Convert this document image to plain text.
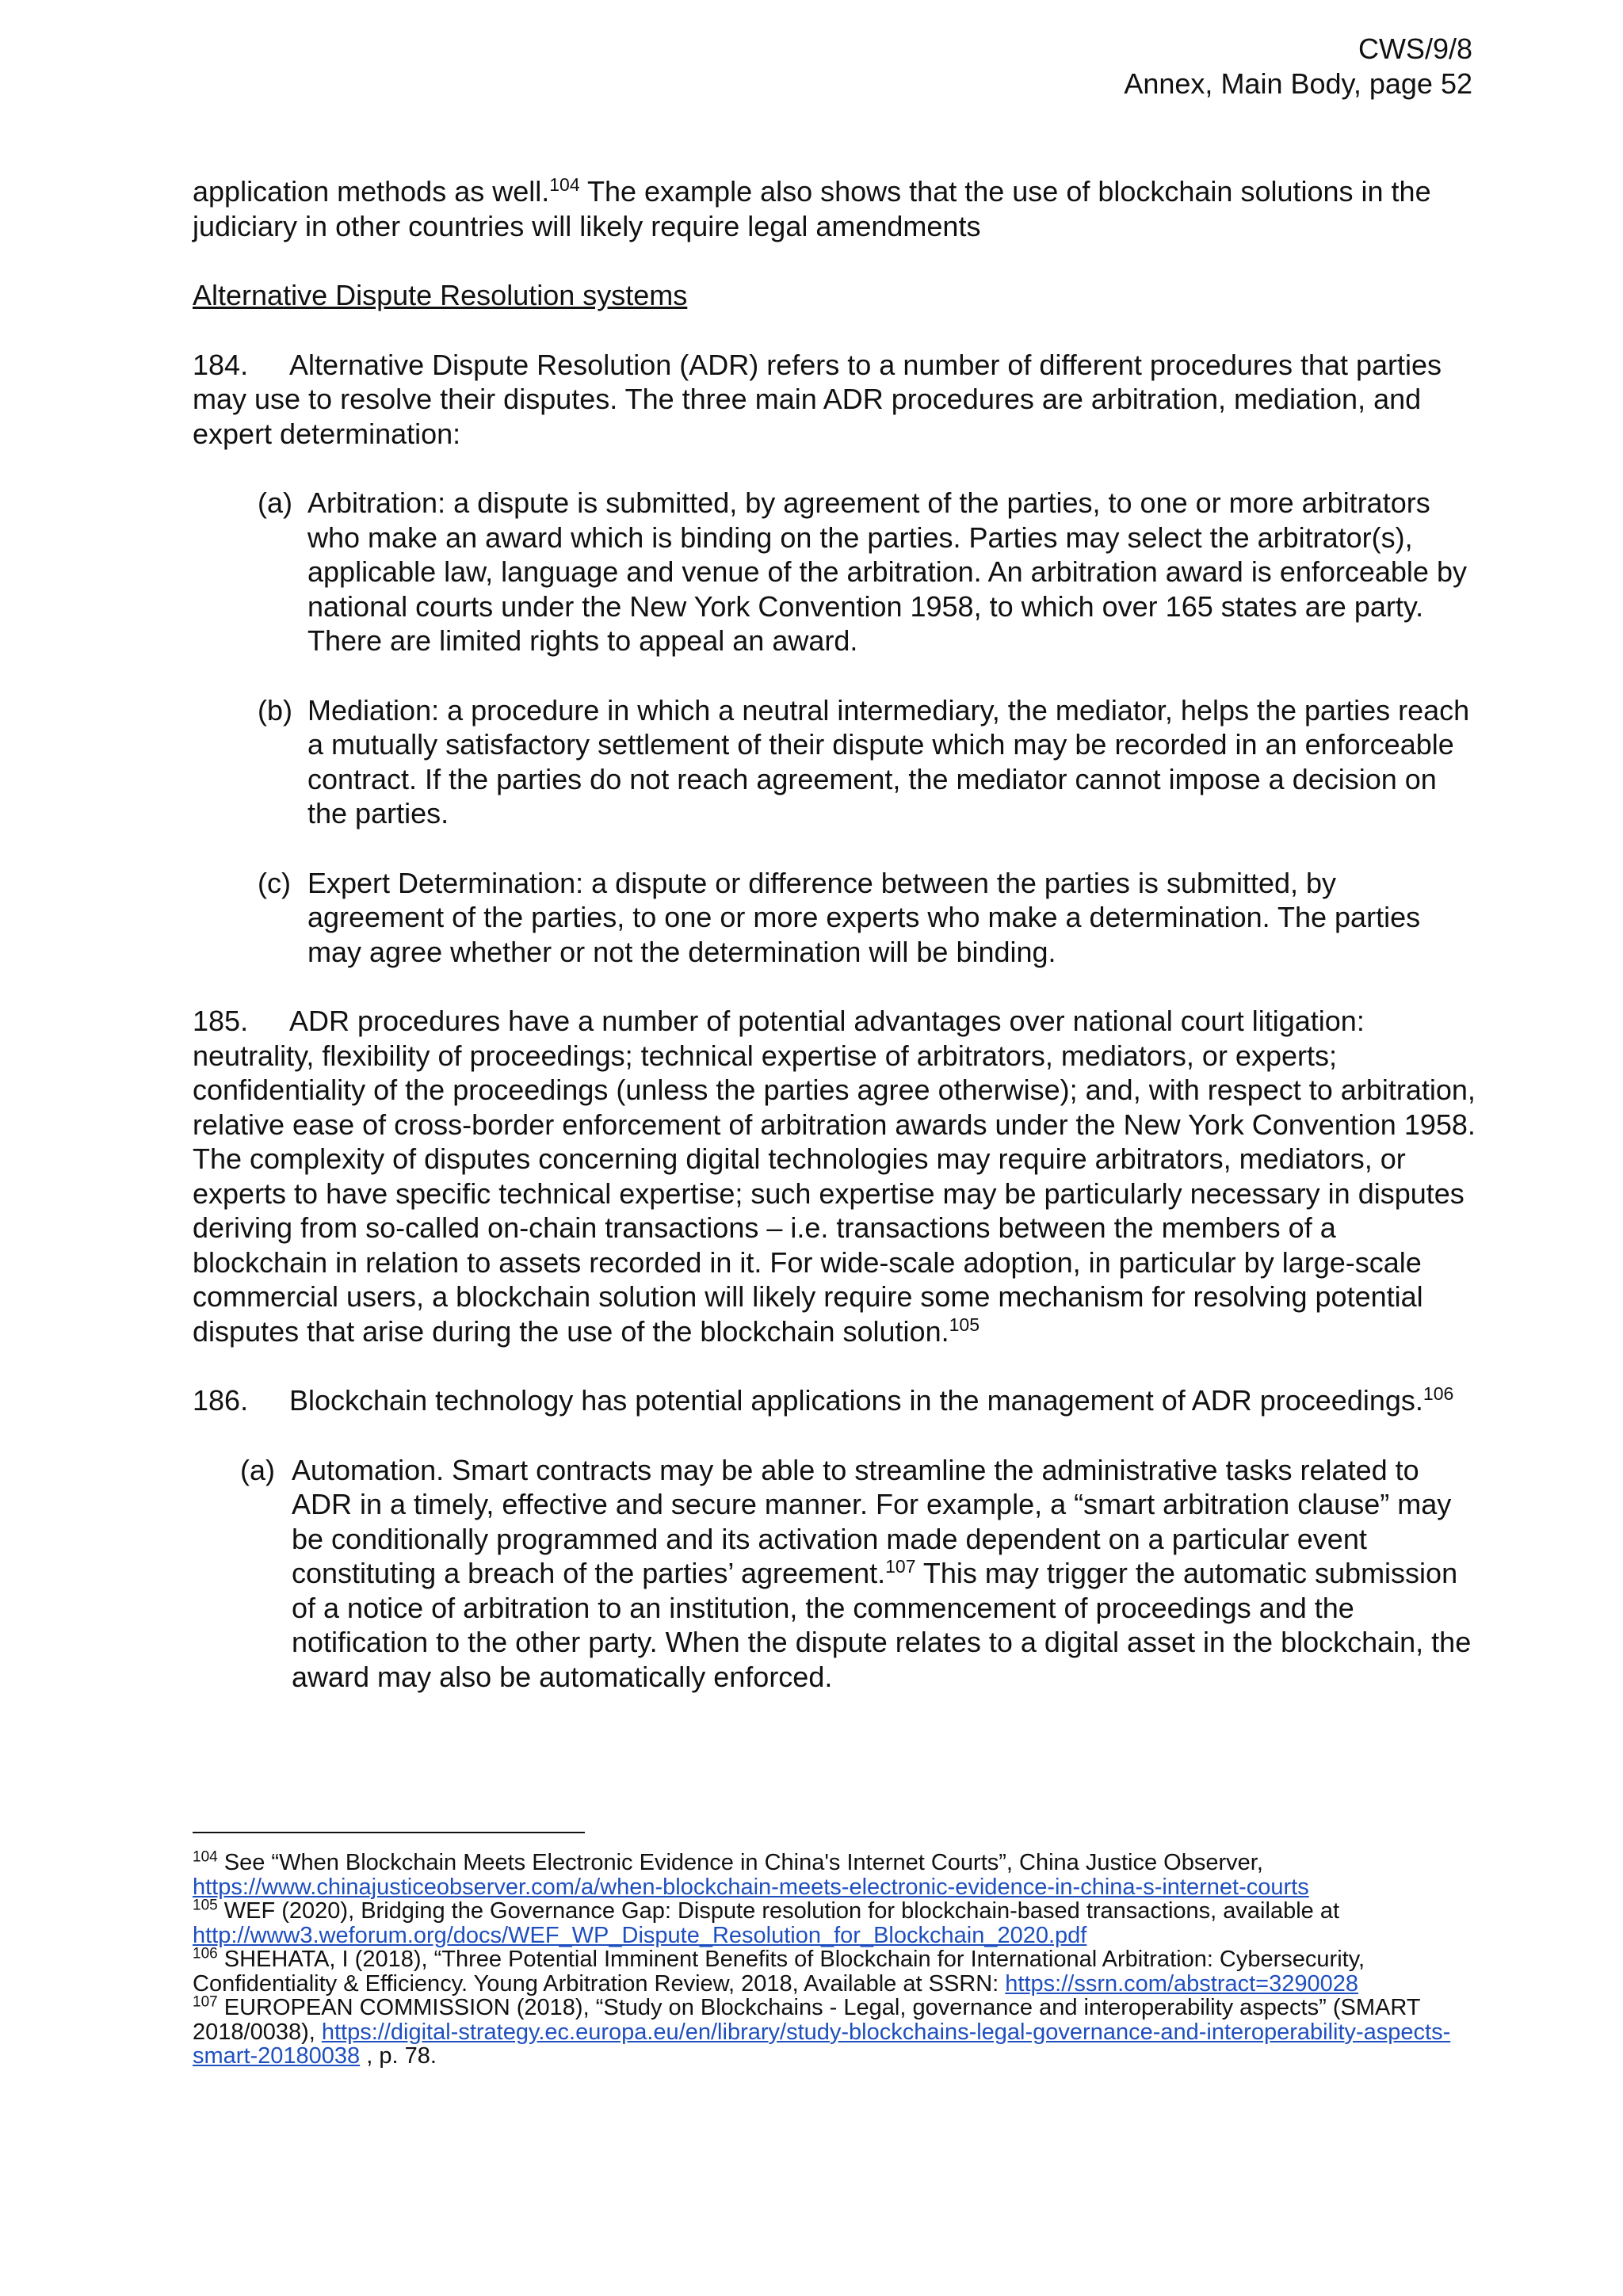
CWS/9/8
Annex, Main Body, page 52

application methods as well.$^{104}$ The example also shows that the use of blockchain solutions in the judiciary in other countries will likely require legal amendments

Alternative Dispute Resolution systems

184. Alternative Dispute Resolution (ADR) refers to a number of different procedures that parties may use to resolve their disputes. The three main ADR procedures are arbitration, mediation, and expert determination:

(a) Arbitration: a dispute is submitted, by agreement of the parties, to one or more arbitrators who make an award which is binding on the parties. Parties may select the arbitrator(s), applicable law, language and venue of the arbitration. An arbitration award is enforceable by national courts under the New York Convention 1958, to which over 165 states are party. There are limited rights to appeal an award.
(b) Mediation: a procedure in which a neutral intermediary, the mediator, helps the parties reach a mutually satisfactory settlement of their dispute which may be recorded in an enforceable contract. If the parties do not reach agreement, the mediator cannot impose a decision on the parties.
(c) Expert Determination: a dispute or difference between the parties is submitted, by agreement of the parties, to one or more experts who make a determination. The parties may agree whether or not the determination will be binding.

185. ADR procedures have a number of potential advantages over national court litigation: neutrality, flexibility of proceedings; technical expertise of arbitrators, mediators, or experts; confidentiality of the proceedings (unless the parties agree otherwise); and, with respect to arbitration, relative ease of cross-border enforcement of arbitration awards under the New York Convention 1958. The complexity of disputes concerning digital technologies may require arbitrators, mediators, or experts to have specific technical expertise; such expertise may be particularly necessary in disputes deriving from so-called on-chain transactions – i.e. transactions between the members of a blockchain in relation to assets recorded in it. For wide-scale adoption, in particular by large-scale commercial users, a blockchain solution will likely require some mechanism for resolving potential disputes that arise during the use of the blockchain solution.$^{105}$

186. Blockchain technology has potential applications in the management of ADR proceedings.$^{106}$

(a) Automation. Smart contracts may be able to streamline the administrative tasks related to ADR in a timely, effective and secure manner. For example, a “smart arbitration clause” may be conditionally programmed and its activation made dependent on a particular event constituting a breach of the parties’ agreement.$^{107}$ This may trigger the automatic submission of a notice of arbitration to an institution, the commencement of proceedings and the notification to the other party. When the dispute relates to a digital asset in the blockchain, the award may also be automatically enforced.

$^{104}$ See “When Blockchain Meets Electronic Evidence in China's Internet Courts”, China Justice Observer, https://www.chinajusticeobserver.com/a/when-blockchain-meets-electronic-evidence-in-china-s-internet-courts

$^{105}$ WEF (2020), Bridging the Governance Gap: Dispute resolution for blockchain-based transactions, available at http://www3.weforum.org/docs/WEF_WP_Dispute_Resolution_for_Blockchain_2020.pdf

$^{106}$ SHEHATA, I (2018), “Three Potential Imminent Benefits of Blockchain for International Arbitration: Cybersecurity, Confidentiality & Efficiency. Young Arbitration Review, 2018, Available at SSRN: https://ssrn.com/abstract=3290028

$^{107}$ EUROPEAN COMMISSION (2018), “Study on Blockchains - Legal, governance and interoperability aspects” (SMART 2018/0038), https://digital-strategy.ec.europa.eu/en/library/study-blockchains-legal-governance-and-interoperability-aspects-smart-20180038 , p. 78.
